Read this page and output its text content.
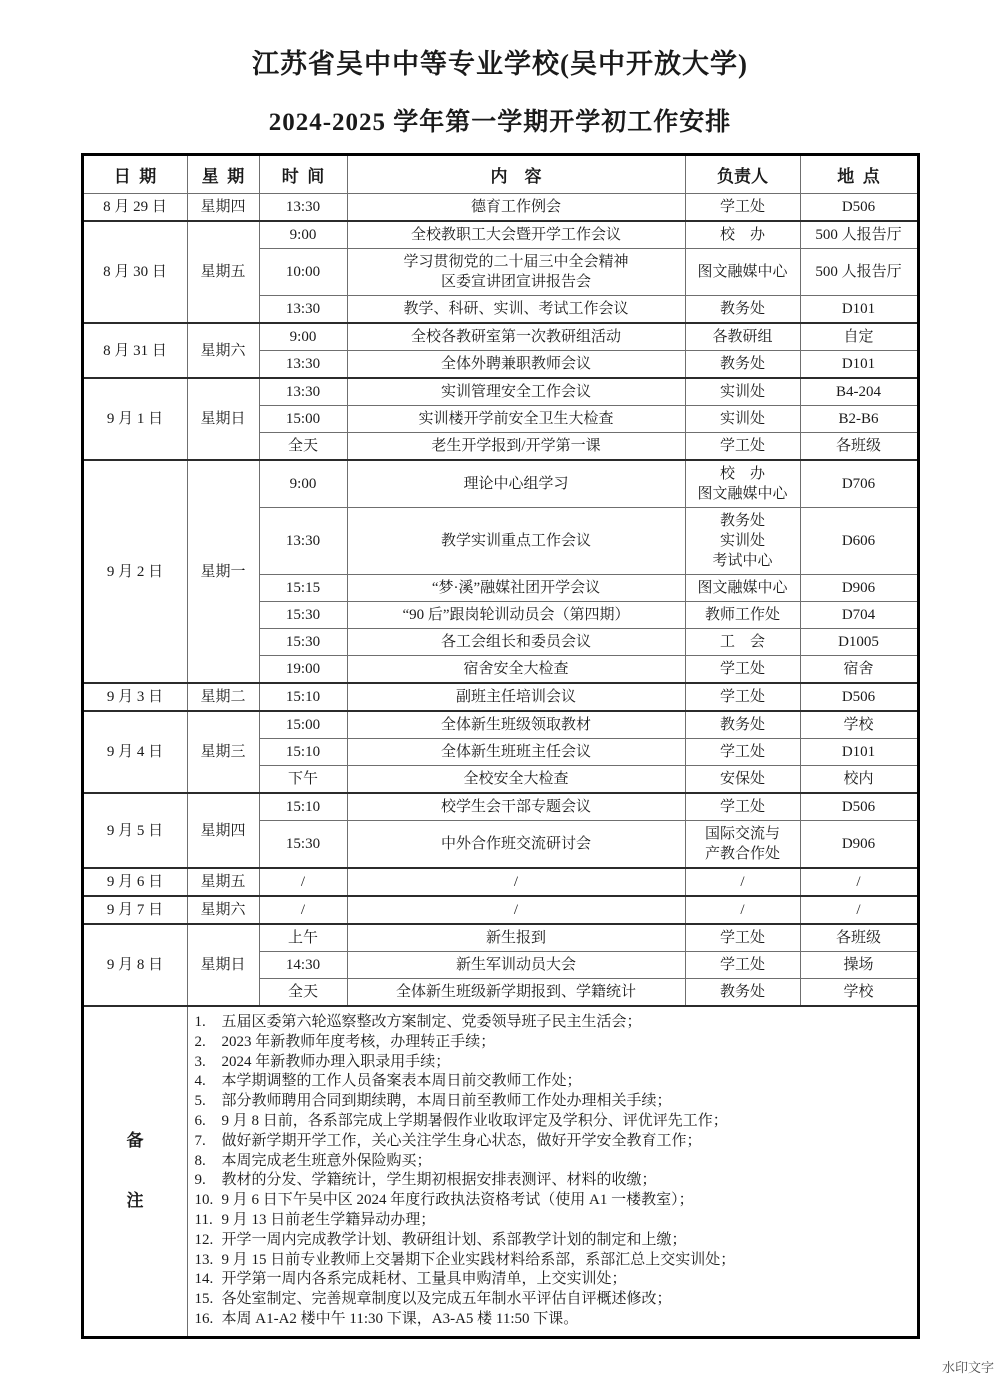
江苏省吴中中等专业学校(吴中开放大学)
2024-2025 学年第一学期开学初工作安排
日  期	星  期	时  间	内    容	负责人	地  点

8 月 29 日	星期四	13:30	德育工作例会	学工处	D506

8 月 30 日	星期五	9:00	全校教职工大会暨开学工作会议	校　办	500 人报告厅

		10:00	学习贯彻党的二十届三中全会精神
区委宣讲团宣讲报告会	图文融媒中心	500 人报告厅

		13:30	教学、科研、实训、考试工作会议	教务处	D101

8 月 31 日	星期六	9:00	全校各教研室第一次教研组活动	各教研组	自定

		13:30	全体外聘兼职教师会议	教务处	D101

9 月 1 日	星期日	13:30	实训管理安全工作会议	实训处	B4-204

		15:00	实训楼开学前安全卫生大检查	实训处	B2-B6

		全天	老生开学报到/开学第一课	学工处	各班级

9 月 2 日	星期一	9:00	理论中心组学习	校　办
图文融媒中心	D706

		13:30	教学实训重点工作会议	教务处
实训处
考试中心	D606

		15:15	“梦·溪”融媒社团开学会议	图文融媒中心	D906

		15:30	“90 后”跟岗轮训动员会（第四期）	教师工作处	D704

		15:30	各工会组长和委员会议	工　会	D1005

		19:00	宿舍安全大检查	学工处	宿舍

9 月 3 日	星期二	15:10	副班主任培训会议	学工处	D506

9 月 4 日	星期三	15:00	全体新生班级领取教材	教务处	学校

		15:10	全体新生班班主任会议	学工处	D101

		下午	全校安全大检查	安保处	校内

9 月 5 日	星期四	15:10	校学生会干部专题会议	学工处	D506

		15:30	中外合作班交流研讨会	国际交流与
产教合作处	D906

9 月 6 日	星期五	/	/	/	/

9 月 7 日	星期六	/	/	/	/

9 月 8 日	星期日	上午	新生报到	学工处	各班级

		14:30	新生军训动员大会	学工处	操场

		全天	全体新生班级新学期报到、学籍统计	教务处	学校

备
注

五届区委第六轮巡察整改方案制定、党委领导班子民主生活会；
2023 年新教师年度考核，办理转正手续；
2024 年新教师办理入职录用手续；
本学期调整的工作人员备案表本周日前交教师工作处；
部分教师聘用合同到期续聘，本周日前至教师工作处办理相关手续；
9 月 8 日前，各系部完成上学期暑假作业收取评定及学积分、评优评先工作；
做好新学期开学工作，关心关注学生身心状态，做好开学安全教育工作；
本周完成老生班意外保险购买；
教材的分发、学籍统计，学生期初根据安排表测评、材料的收缴；
9 月 6 日下午吴中区 2024 年度行政执法资格考试（使用 A1 一楼教室）；
9 月 13 日前老生学籍异动办理；
开学一周内完成教学计划、教研组计划、系部教学计划的制定和上缴；
9 月 15 日前专业教师上交暑期下企业实践材料给系部，系部汇总上交实训处；
开学第一周内各系完成耗材、工量具申购清单，上交实训处；
各处室制定、完善规章制度以及完成五年制水平评估自评概述修改；
本周 A1-A2 楼中午 11:30 下课，A3-A5 楼 11:50 下课。
水印文字
